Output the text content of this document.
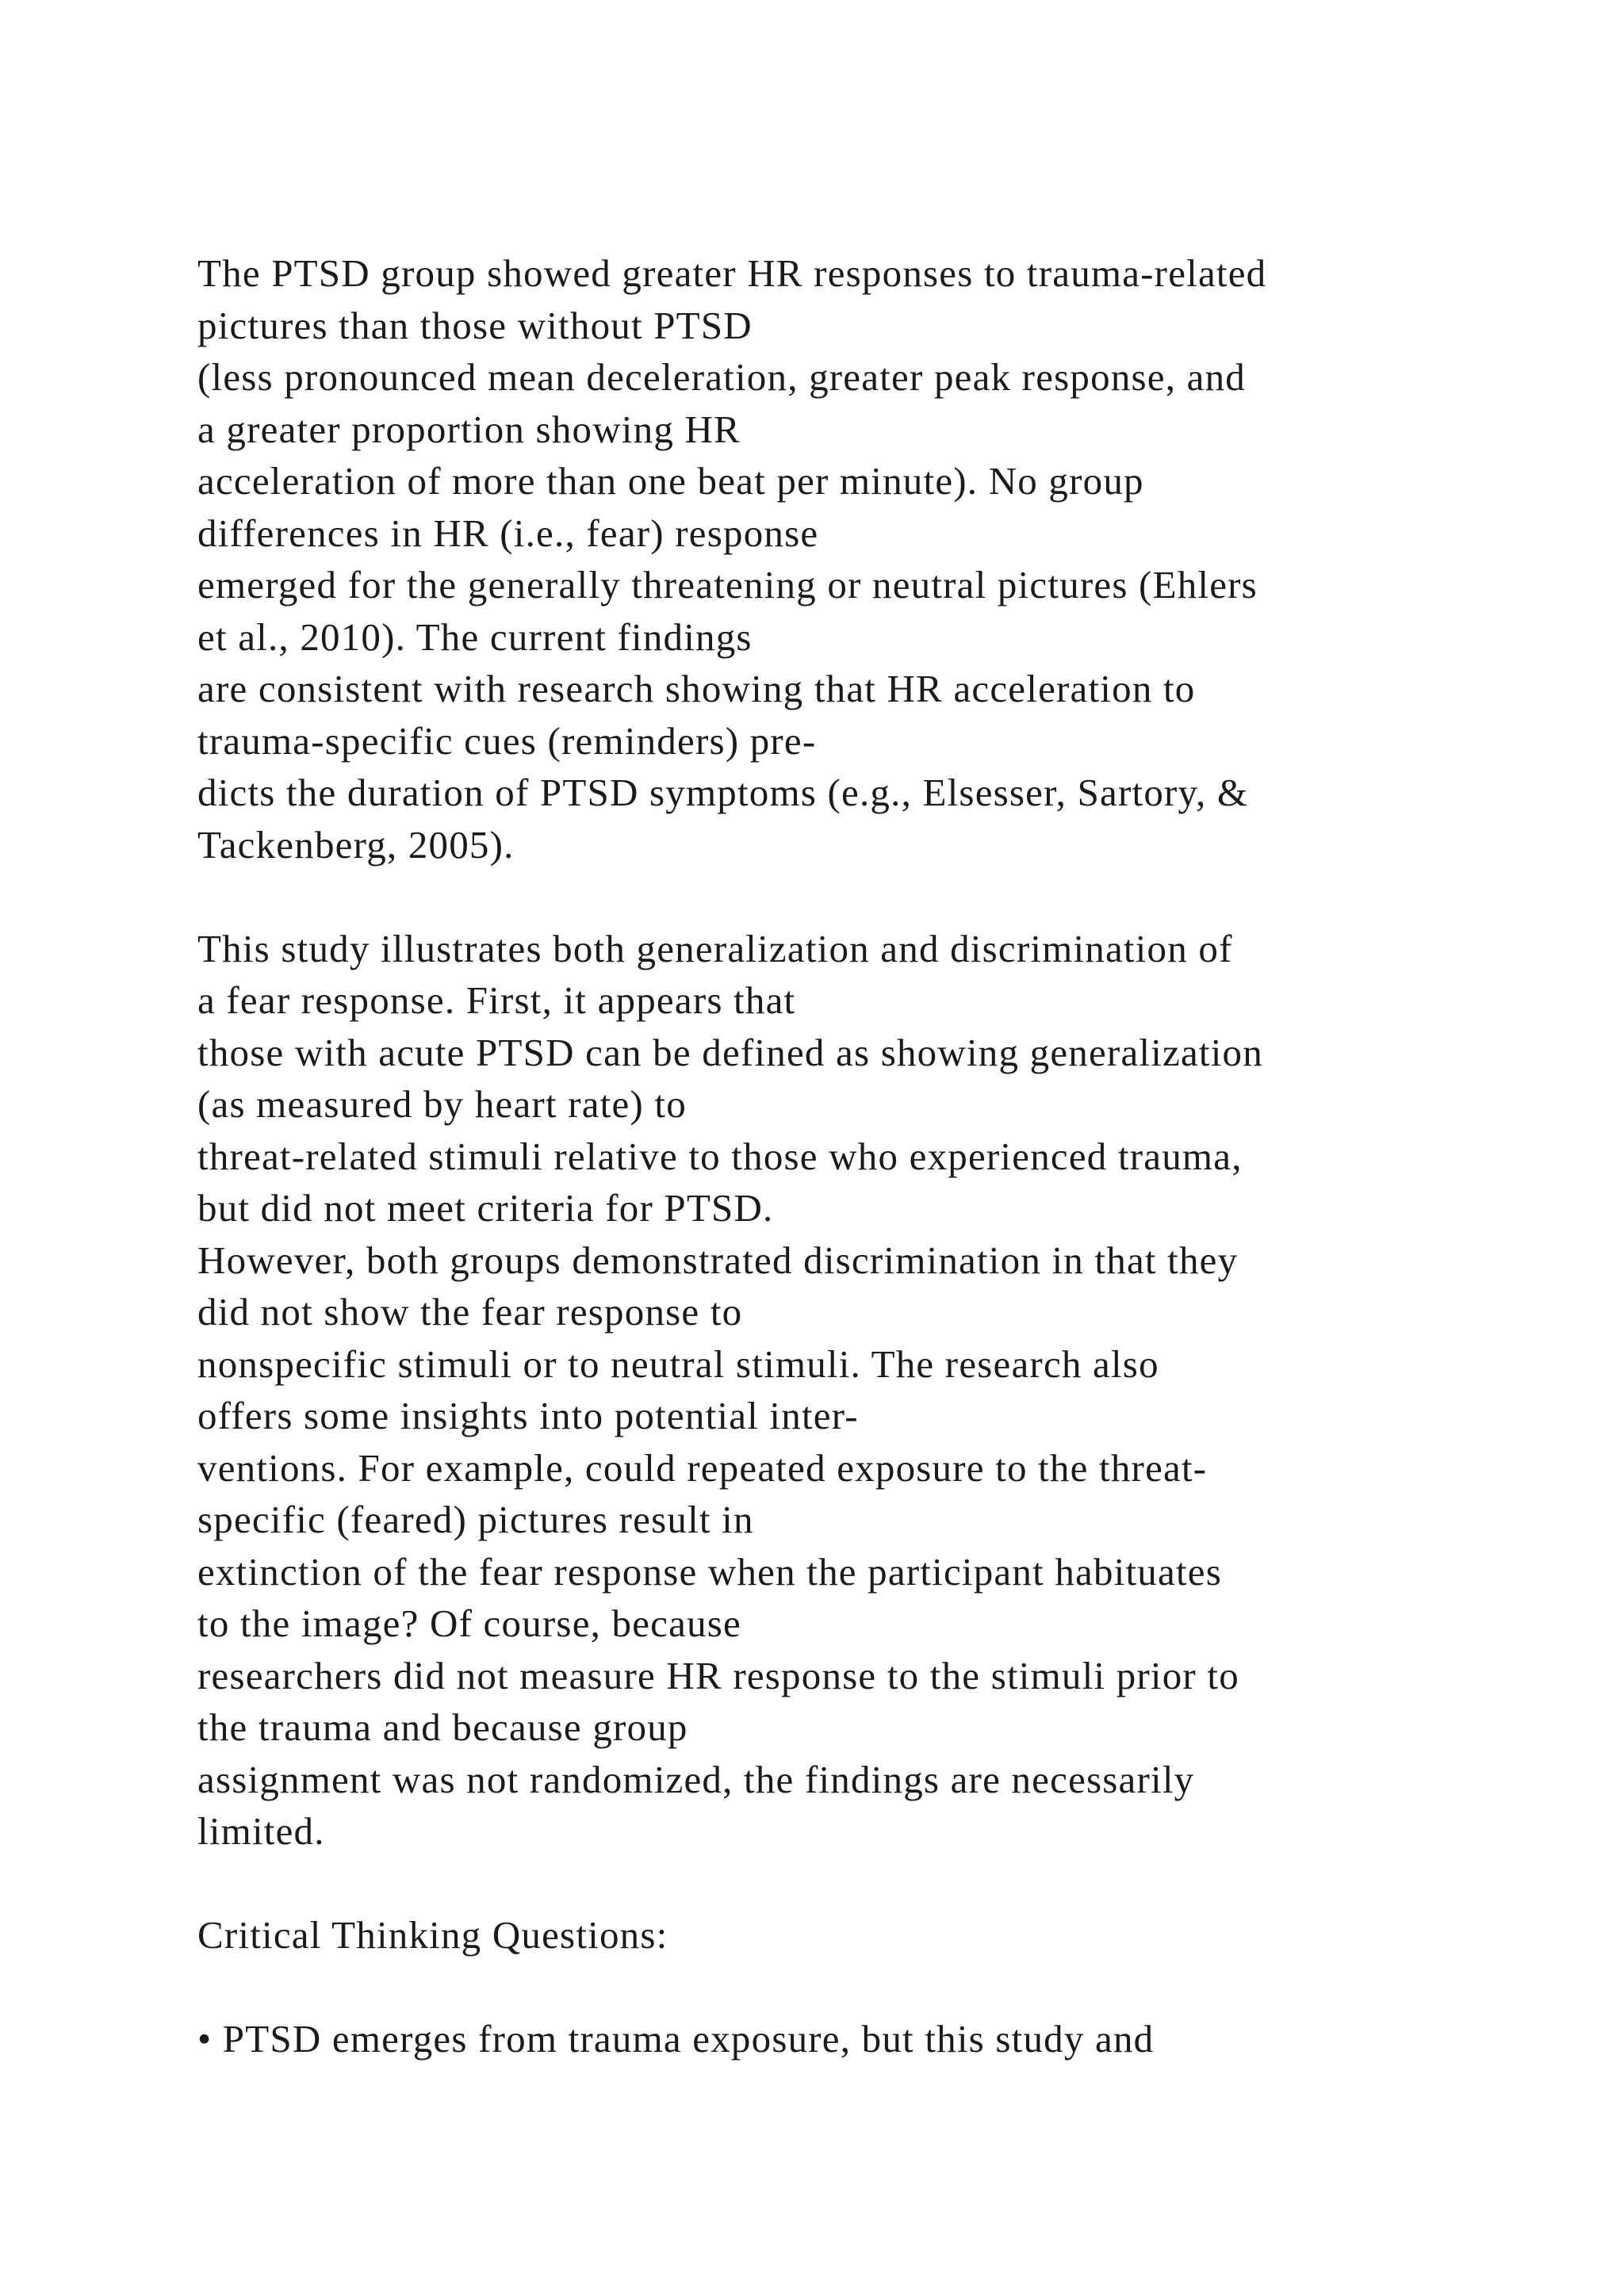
The PTSD group showed greater HR responses to trauma-related
pictures than those without PTSD
(less pronounced mean deceleration, greater peak response, and
a greater proportion showing HR
acceleration of more than one beat per minute). No group
differences in HR (i.e., fear) response
emerged for the generally threatening or neutral pictures (Ehlers
et al., 2010). The current findings
are consistent with research showing that HR acceleration to
trauma-specific cues (reminders) pre-
dicts the duration of PTSD symptoms (e.g., Elsesser, Sartory, &
Tackenberg, 2005).
This study illustrates both generalization and discrimination of
a fear response. First, it appears that
those with acute PTSD can be defined as showing generalization
(as measured by heart rate) to
threat-related stimuli relative to those who experienced trauma,
but did not meet criteria for PTSD.
However, both groups demonstrated discrimination in that they
did not show the fear response to
nonspecific stimuli or to neutral stimuli. The research also
offers some insights into potential inter-
ventions. For example, could repeated exposure to the threat-
specific (feared) pictures result in
extinction of the fear response when the participant habituates
to the image? Of course, because
researchers did not measure HR response to the stimuli prior to
the trauma and because group
assignment was not randomized, the findings are necessarily
limited.
Critical Thinking Questions:
• PTSD emerges from trauma exposure, but this study and
